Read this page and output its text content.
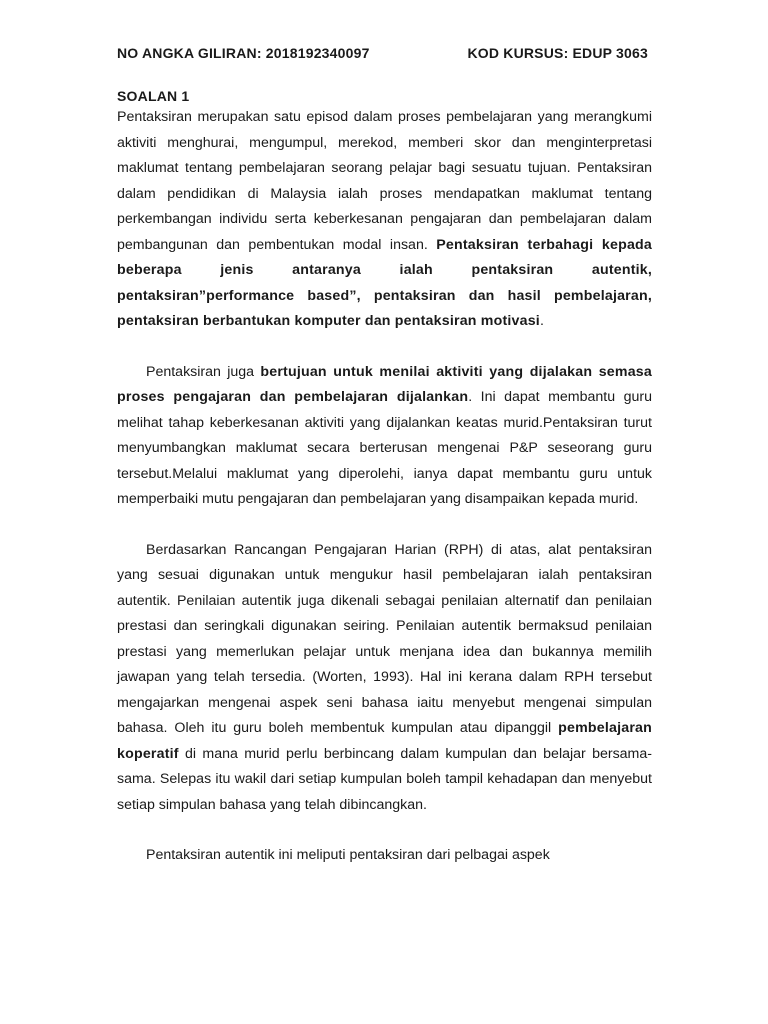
NO ANGKA GILIRAN: 2018192340097	KOD KURSUS: EDUP 3063
SOALAN 1

Pentaksiran merupakan satu episod dalam proses pembelajaran yang merangkumi aktiviti menghurai, mengumpul, merekod, memberi skor dan menginterpretasi maklumat tentang pembelajaran seorang pelajar bagi sesuatu tujuan. Pentaksiran dalam pendidikan di Malaysia ialah proses mendapatkan maklumat tentang perkembangan individu serta keberkesanan pengajaran dan pembelajaran dalam pembangunan dan pembentukan modal insan. Pentaksiran terbahagi kepada beberapa jenis antaranya ialah pentaksiran autentik, pentaksiran”performance based”, pentaksiran dan hasil pembelajaran, pentaksiran berbantukan komputer dan pentaksiran motivasi.

Pentaksiran juga bertujuan untuk menilai aktiviti yang dijalakan semasa proses pengajaran dan pembelajaran dijalankan. Ini dapat membantu guru melihat tahap keberkesanan aktiviti yang dijalankan keatas murid.Pentaksiran turut menyumbangkan maklumat secara berterusan mengenai P&P seseorang guru tersebut.Melalui maklumat yang diperolehi, ianya dapat membantu guru untuk memperbaiki mutu pengajaran dan pembelajaran yang disampaikan kepada murid.

Berdasarkan Rancangan Pengajaran Harian (RPH) di atas, alat pentaksiran yang sesuai digunakan untuk mengukur hasil pembelajaran ialah pentaksiran autentik. Penilaian autentik juga dikenali sebagai penilaian alternatif dan penilaian prestasi dan seringkali digunakan seiring. Penilaian autentik bermaksud penilaian prestasi yang memerlukan pelajar untuk menjana idea dan bukannya memilih jawapan yang telah tersedia. (Worten, 1993). Hal ini kerana dalam RPH tersebut mengajarkan mengenai aspek seni bahasa iaitu menyebut mengenai simpulan bahasa. Oleh itu guru boleh membentuk kumpulan atau dipanggil pembelajaran koperatif di mana murid perlu berbincang dalam kumpulan dan belajar bersama-sama. Selepas itu wakil dari setiap kumpulan boleh tampil kehadapan dan menyebut setiap simpulan bahasa yang telah dibincangkan.

Pentaksiran autentik ini meliputi pentaksiran dari pelbagai aspek
